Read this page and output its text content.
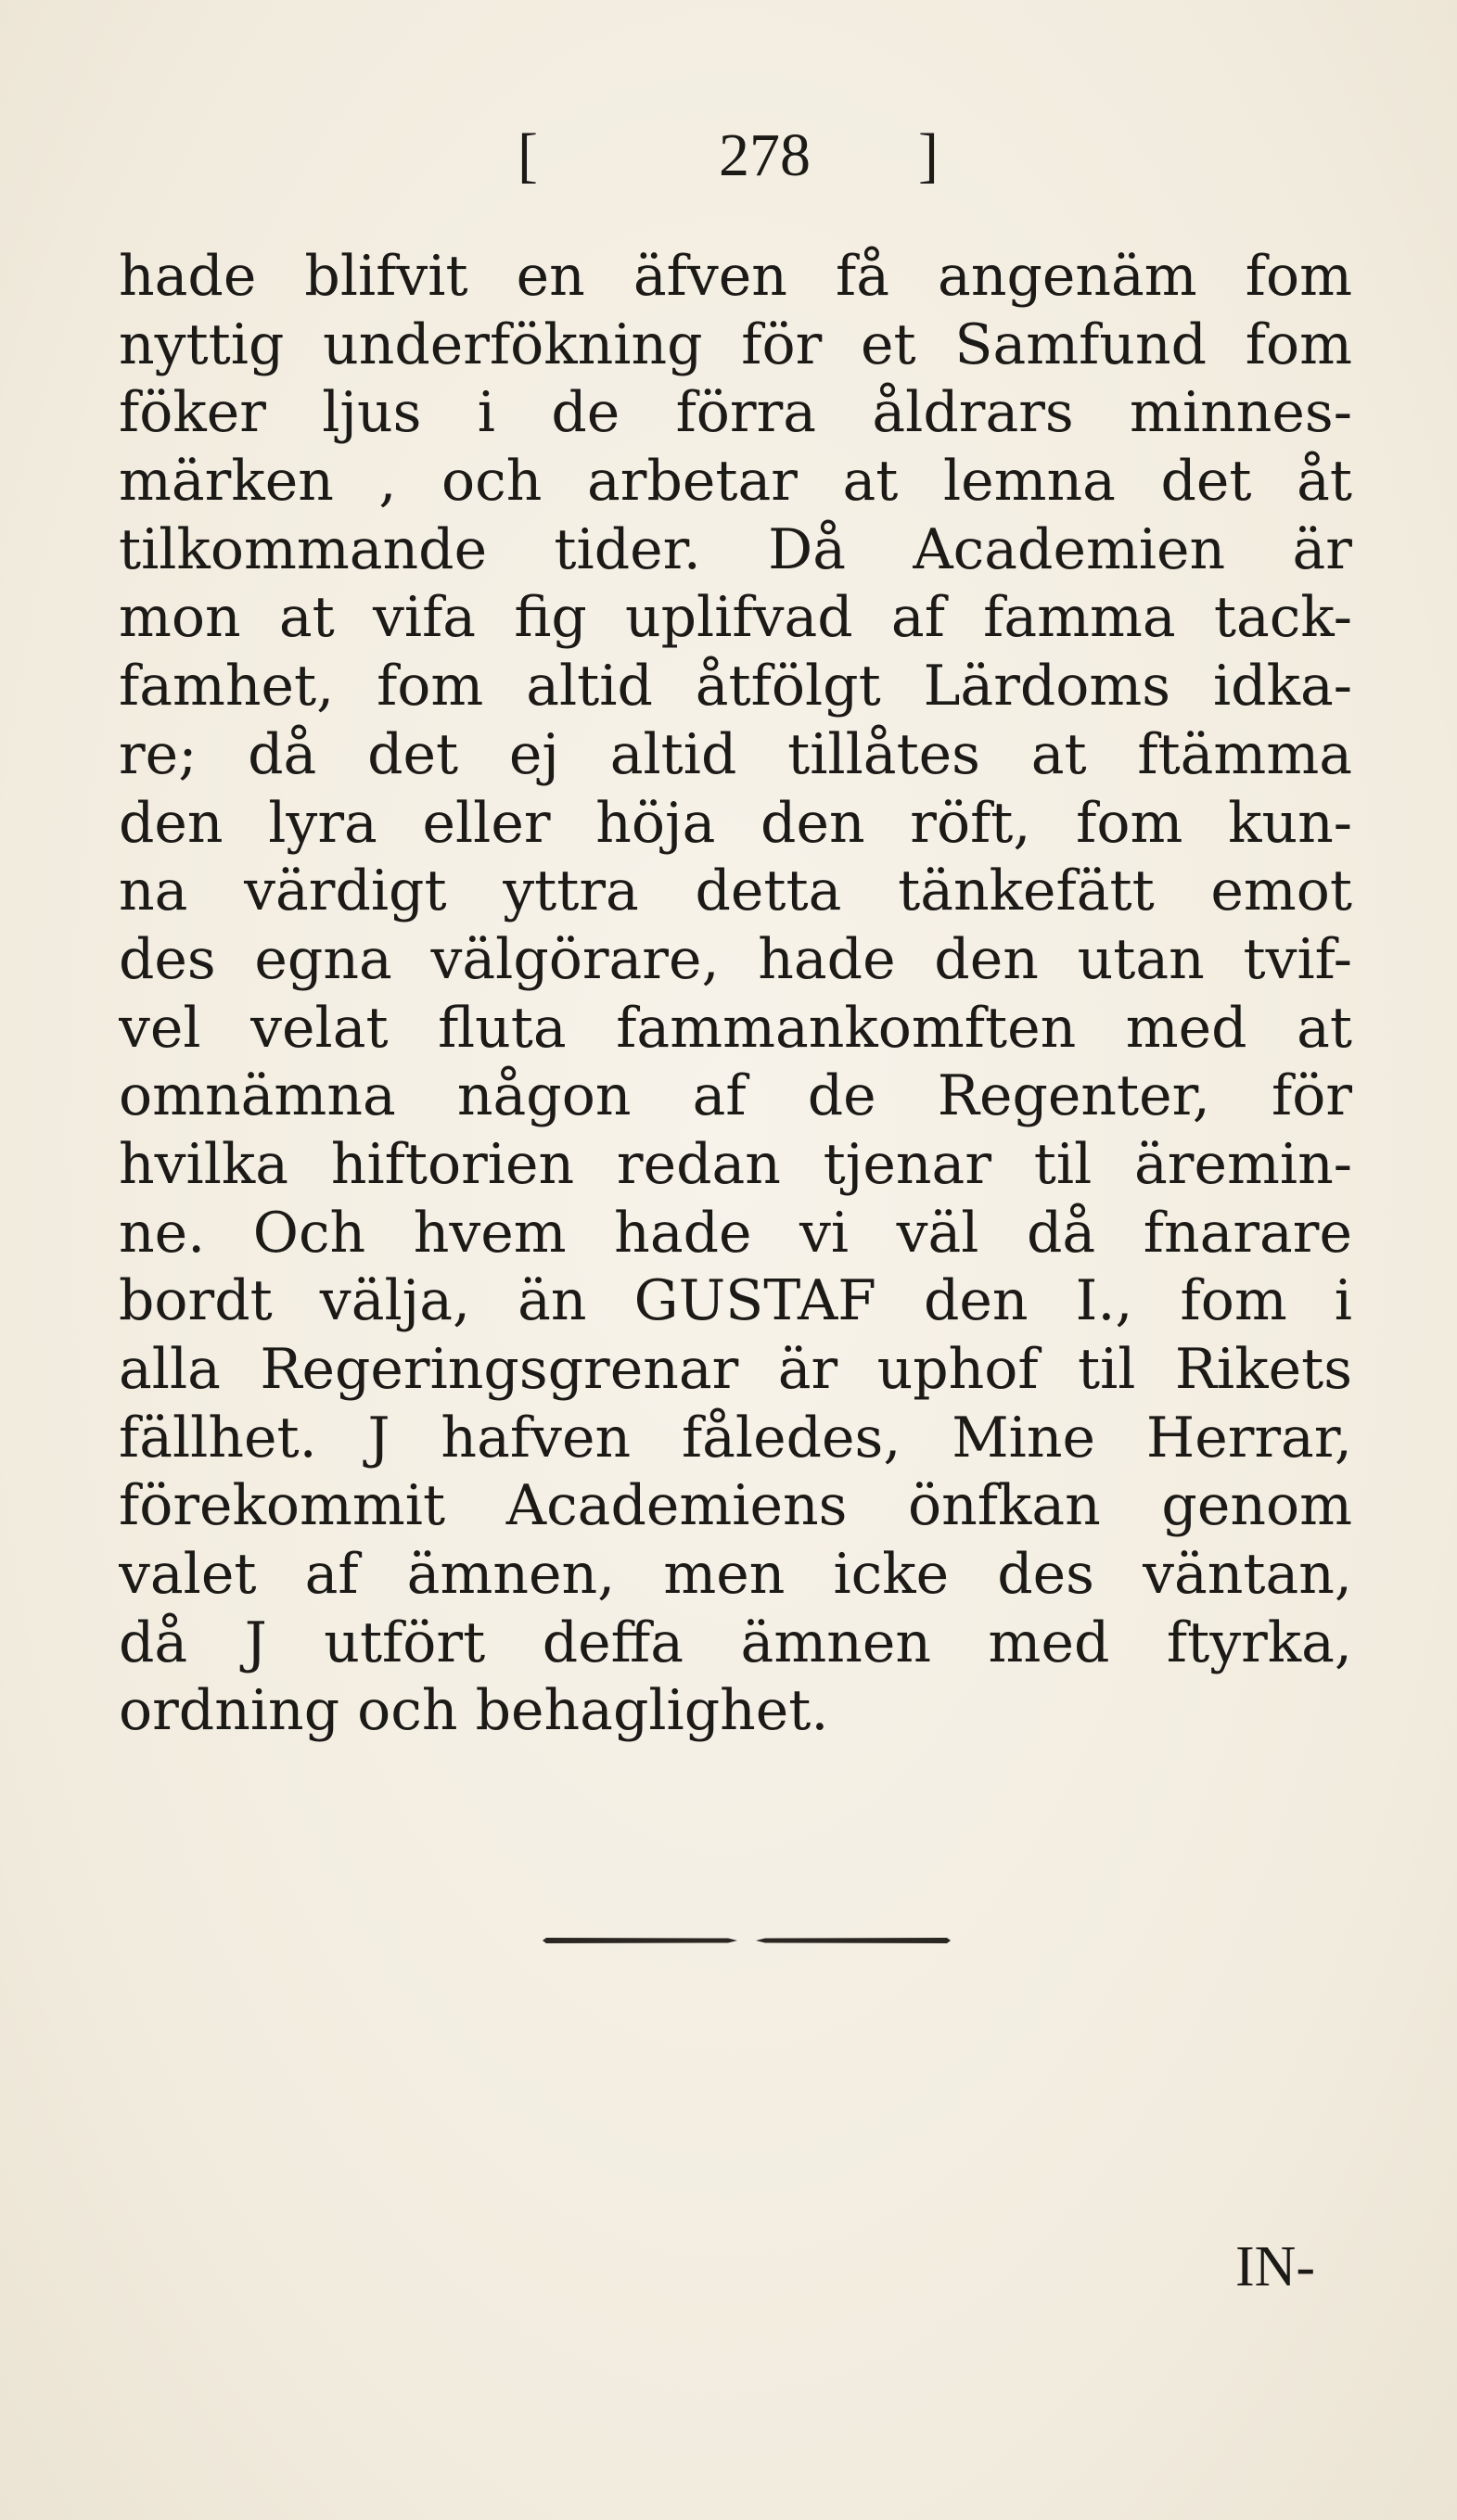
[	278 ]
hade blifvit en äfven få angenäm fom
nyttig underfökning för et Samfund fom
föker ljus i de förra åldrars minnes-
märken , och arbetar at lemna det åt
tilkommande tider. Då Academien är
mon at vifa fig uplifvad af famma tack-
famhet, fom altid åtfölgt Lärdoms idka-
re; då det ej altid tillåtes at ftämma
den lyra eller höja den röft, fom kun-
na värdigt yttra detta tänkefätt emot
des egna välgörare, hade den utan tvif-
vel velat fluta fammankomften med at
omnämna någon af de Regenter, för
hvilka hiftorien redan tjenar til äremin-
ne. Och hvem hade vi väl då fnarare
bordt välja, än GUSTAF den I., fom i
alla Regeringsgrenar är uphof til Rikets
fällhet. J hafven fåledes, Mine Herrar,
förekommit Academiens önfkan genom
valet af ämnen, men icke des väntan,
då J utfört deffa ämnen med ftyrka,
ordning och behaglighet.
IN-
